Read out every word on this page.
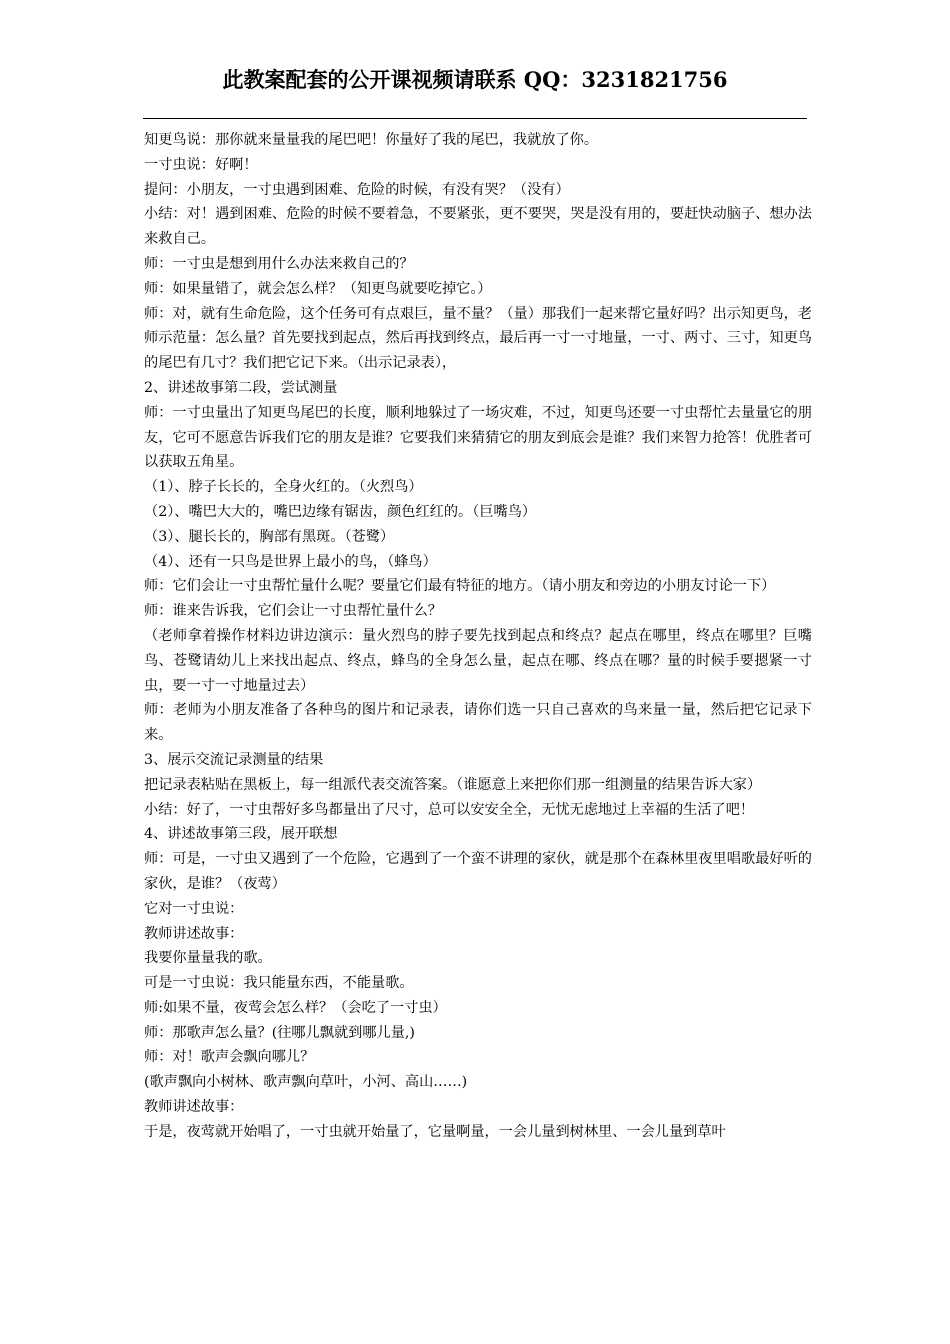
此教案配套的公开课视频请联系 QQ：3231821756

知更鸟说：那你就来量量我的尾巴吧！你量好了我的尾巴，我就放了你。

一寸虫说：好啊！

提问：小朋友，一寸虫遇到困难、危险的时候，有没有哭？（没有）

小结：对！遇到困难、危险的时候不要着急，不要紧张，更不要哭，哭是没有用的，要赶快动脑子、想办法来救自己。

师：一寸虫是想到用什么办法来救自己的？

师：如果量错了，就会怎么样？（知更鸟就要吃掉它。）

师：对，就有生命危险，这个任务可有点艰巨，量不量？（量）那我们一起来帮它量好吗？出示知更鸟，老师示范量：怎么量？首先要找到起点，然后再找到终点，最后再一寸一寸地量，一寸、两寸、三寸，知更鸟的尾巴有几寸？我们把它记下来。（出示记录表），

2、讲述故事第二段，尝试测量

师：一寸虫量出了知更鸟尾巴的长度，顺利地躲过了一场灾难，不过，知更鸟还要一寸虫帮忙去量量它的朋友，它可不愿意告诉我们它的朋友是谁？它要我们来猜猜它的朋友到底会是谁？我们来智力抢答！优胜者可以获取五角星。

（1）、脖子长长的，全身火红的。（火烈鸟）

（2）、嘴巴大大的，嘴巴边缘有锯齿，颜色红红的。（巨嘴鸟）

（3）、腿长长的，胸部有黑斑。（苍鹭）

（4）、还有一只鸟是世界上最小的鸟，（蜂鸟）

师：它们会让一寸虫帮忙量什么呢？要量它们最有特征的地方。（请小朋友和旁边的小朋友讨论一下）

师：谁来告诉我，它们会让一寸虫帮忙量什么？

（老师拿着操作材料边讲边演示：量火烈鸟的脖子要先找到起点和终点？起点在哪里，终点在哪里？巨嘴鸟、苍鹭请幼儿上来找出起点、终点，蜂鸟的全身怎么量，起点在哪、终点在哪？量的时候手要摁紧一寸虫，要一寸一寸地量过去）

师：老师为小朋友准备了各种鸟的图片和记录表，请你们选一只自己喜欢的鸟来量一量，然后把它记录下来。

3、展示交流记录测量的结果

把记录表粘贴在黑板上，每一组派代表交流答案。（谁愿意上来把你们那一组测量的结果告诉大家）

小结：好了，一寸虫帮好多鸟都量出了尺寸，总可以安安全全，无忧无虑地过上幸福的生活了吧！

4、讲述故事第三段，展开联想

师：可是，一寸虫又遇到了一个危险，它遇到了一个蛮不讲理的家伙，就是那个在森林里夜里唱歌最好听的家伙，是谁？（夜莺）

它对一寸虫说：

教师讲述故事：

我要你量量我的歌。

可是一寸虫说：我只能量东西，不能量歌。

师:如果不量，夜莺会怎么样？（会吃了一寸虫）

师：那歌声怎么量？(往哪儿飘就到哪儿量,)

师：对！歌声会飘向哪儿？

(歌声飘向小树林、歌声飘向草叶，小河、高山……)

教师讲述故事：

于是，夜莺就开始唱了，一寸虫就开始量了，它量啊量，一会儿量到树林里、一会儿量到草叶
